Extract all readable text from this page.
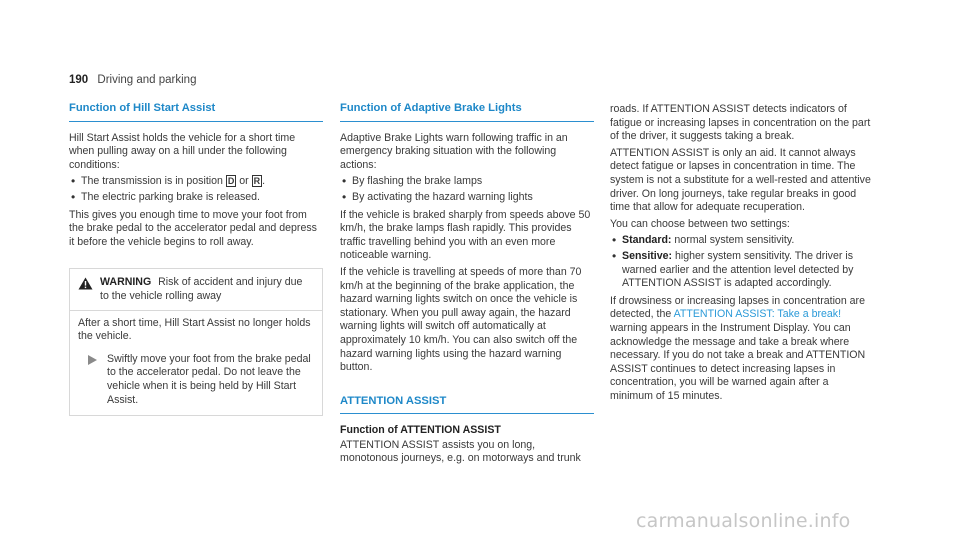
190 Driving and parking
Function of Hill Start Assist

Hill Start Assist holds the vehicle for a short time when pulling away on a hill under the following conditions:

• The transmission is in position D or R .
• The electric parking brake is released.

This gives you enough time to move your foot from the brake pedal to the accelerator pedal and depress it before the vehicle begins to roll away.

WARNING Risk of accident and injury due to the vehicle rolling away

After a short time, Hill Start Assist no longer holds the vehicle.

Swiftly move your foot from the brake pedal to the accelerator pedal. Do not leave the vehicle when it is being held by Hill Start Assist.
Function of Adaptive Brake Lights

Adaptive Brake Lights warn following traffic in an emergency braking situation with the following actions:

• By flashing the brake lamps
• By activating the hazard warning lights

If the vehicle is braked sharply from speeds above 50 km/h, the brake lamps flash rapidly. This provides traffic travelling behind you with an even more noticeable warning.

If the vehicle is travelling at speeds of more than 70 km/h at the beginning of the brake application, the hazard warning lights switch on once the vehicle is stationary. When you pull away again, the hazard warning lights will switch off automatically at approximately 10 km/h. You can also switch off the hazard warning lights using the hazard warning button.

ATTENTION ASSIST
Function of ATTENTION ASSIST

ATTENTION ASSIST assists you on long, monotonous journeys, e.g. on motorways and trunk

roads. If ATTENTION ASSIST detects indicators of fatigue or increasing lapses in concentration on the part of the driver, it suggests taking a break.

ATTENTION ASSIST is only an aid. It cannot always detect fatigue or lapses in concentration in time. The system is not a substitute for a well-rested and attentive driver. On long journeys, take regular breaks in good time that allow for adequate recuperation.

You can choose between two settings:

• Standard: normal system sensitivity.
• Sensitive: higher system sensitivity. The driver is warned earlier and the attention level detected by ATTENTION ASSIST is adapted accordingly.

If drowsiness or increasing lapses in concentration are detected, the ATTENTION ASSIST: Take a break! warning appears in the Instrument Display. You can acknowledge the message and take a break where necessary. If you do not take a break and ATTENTION ASSIST continues to detect increasing lapses in concentration, you will be warned again after a minimum of 15 minutes.

carmanualsonline.info
